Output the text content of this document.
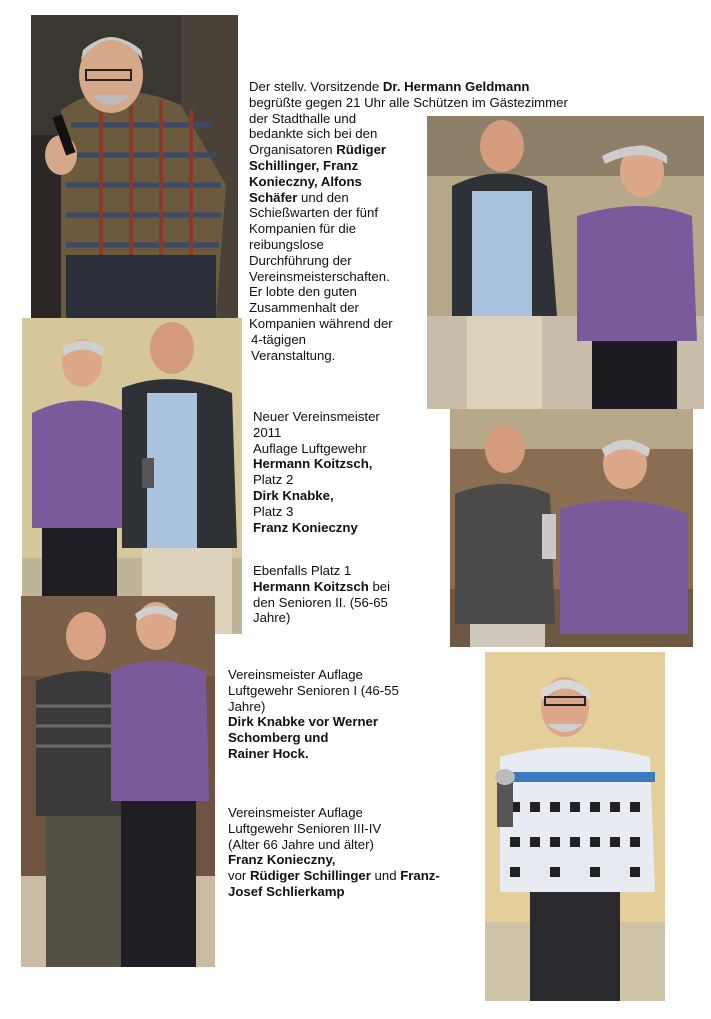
Der stellv. Vorsitzende Dr. Hermann Geldmann
begrüßte gegen 21 Uhr alle Schützen im Gästezimmer
der Stadthalle und
bedankte sich bei den
Organisatoren Rüdiger
Schillinger, Franz
Konieczny, Alfons
Schäfer und den
Schießwarten der fünf
Kompanien für die
reibungslose
Durchführung der
Vereinsmeisterschaften.
Er lobte den guten
Zusammenhalt der
Kompanien während der
4-tägigen
Veranstaltung.
Neuer Vereinsmeister
2011
Auflage Luftgewehr
Hermann Koitzsch,
Platz 2
Dirk Knabke,
Platz 3
Franz Konieczny
Ebenfalls Platz 1
Hermann Koitzsch bei
den Senioren II. (56-65
Jahre)
Vereinsmeister Auflage
Luftgewehr Senioren I (46-55
Jahre)
Dirk Knabke vor Werner
Schomberg und
Rainer Hock.
Vereinsmeister Auflage
Luftgewehr Senioren III-IV
(Alter 66 Jahre und älter)
Franz Konieczny,
vor Rüdiger Schillinger und Franz-
Josef Schlierkamp
